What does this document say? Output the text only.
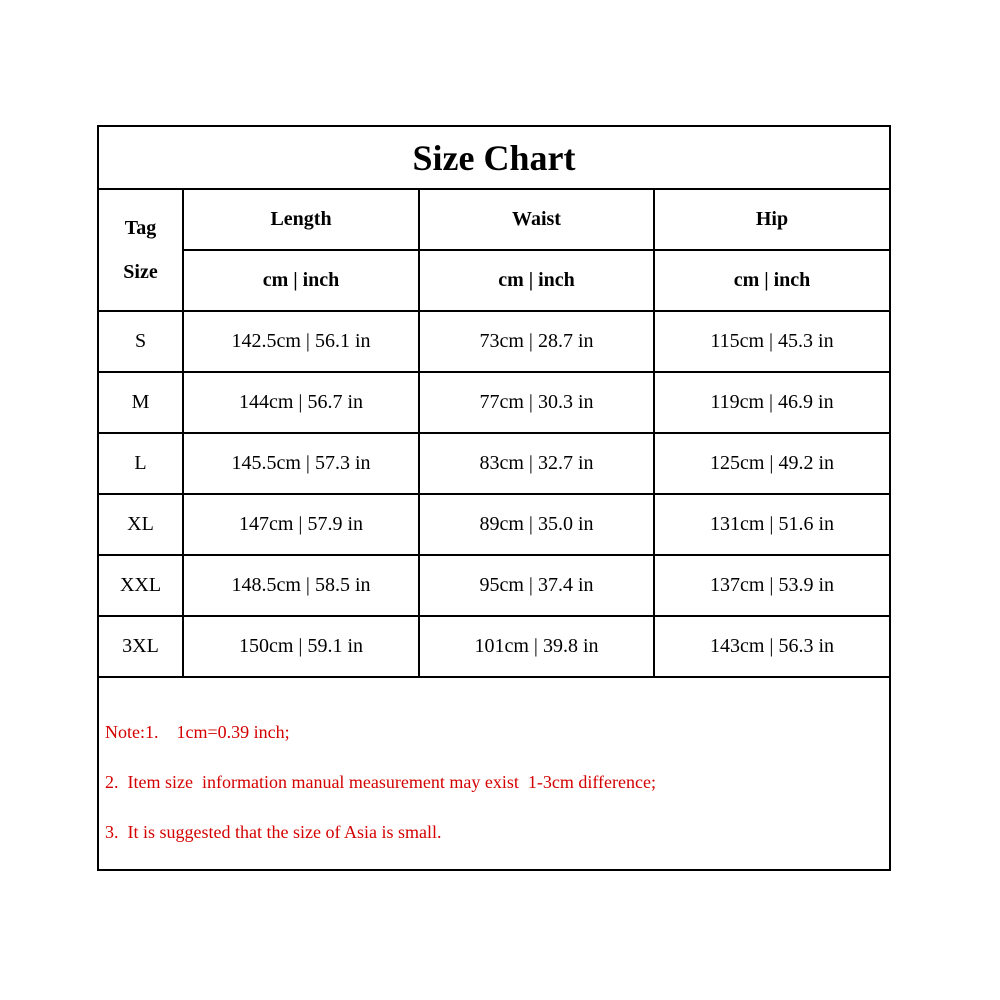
Size Chart
Tag
Size	Length	Waist	Hip
	cm | inch	cm | inch	cm | inch
S	142.5cm | 56.1 in	73cm | 28.7 in	115cm | 45.3 in
M	144cm | 56.7 in	77cm | 30.3 in	119cm | 46.9 in
L	145.5cm | 57.3 in	83cm | 32.7 in	125cm | 49.2 in
XL	147cm | 57.9 in	89cm | 35.0 in	131cm | 51.6 in
XXL	148.5cm | 58.5 in	95cm | 37.4 in	137cm | 53.9 in
3XL	150cm | 59.1 in	101cm | 39.8 in	143cm | 56.3 in
Note:1.    1cm=0.39 inch;
2.  Item size  information manual measurement may exist  1-3cm difference;
3.  It is suggested that the size of Asia is small.
